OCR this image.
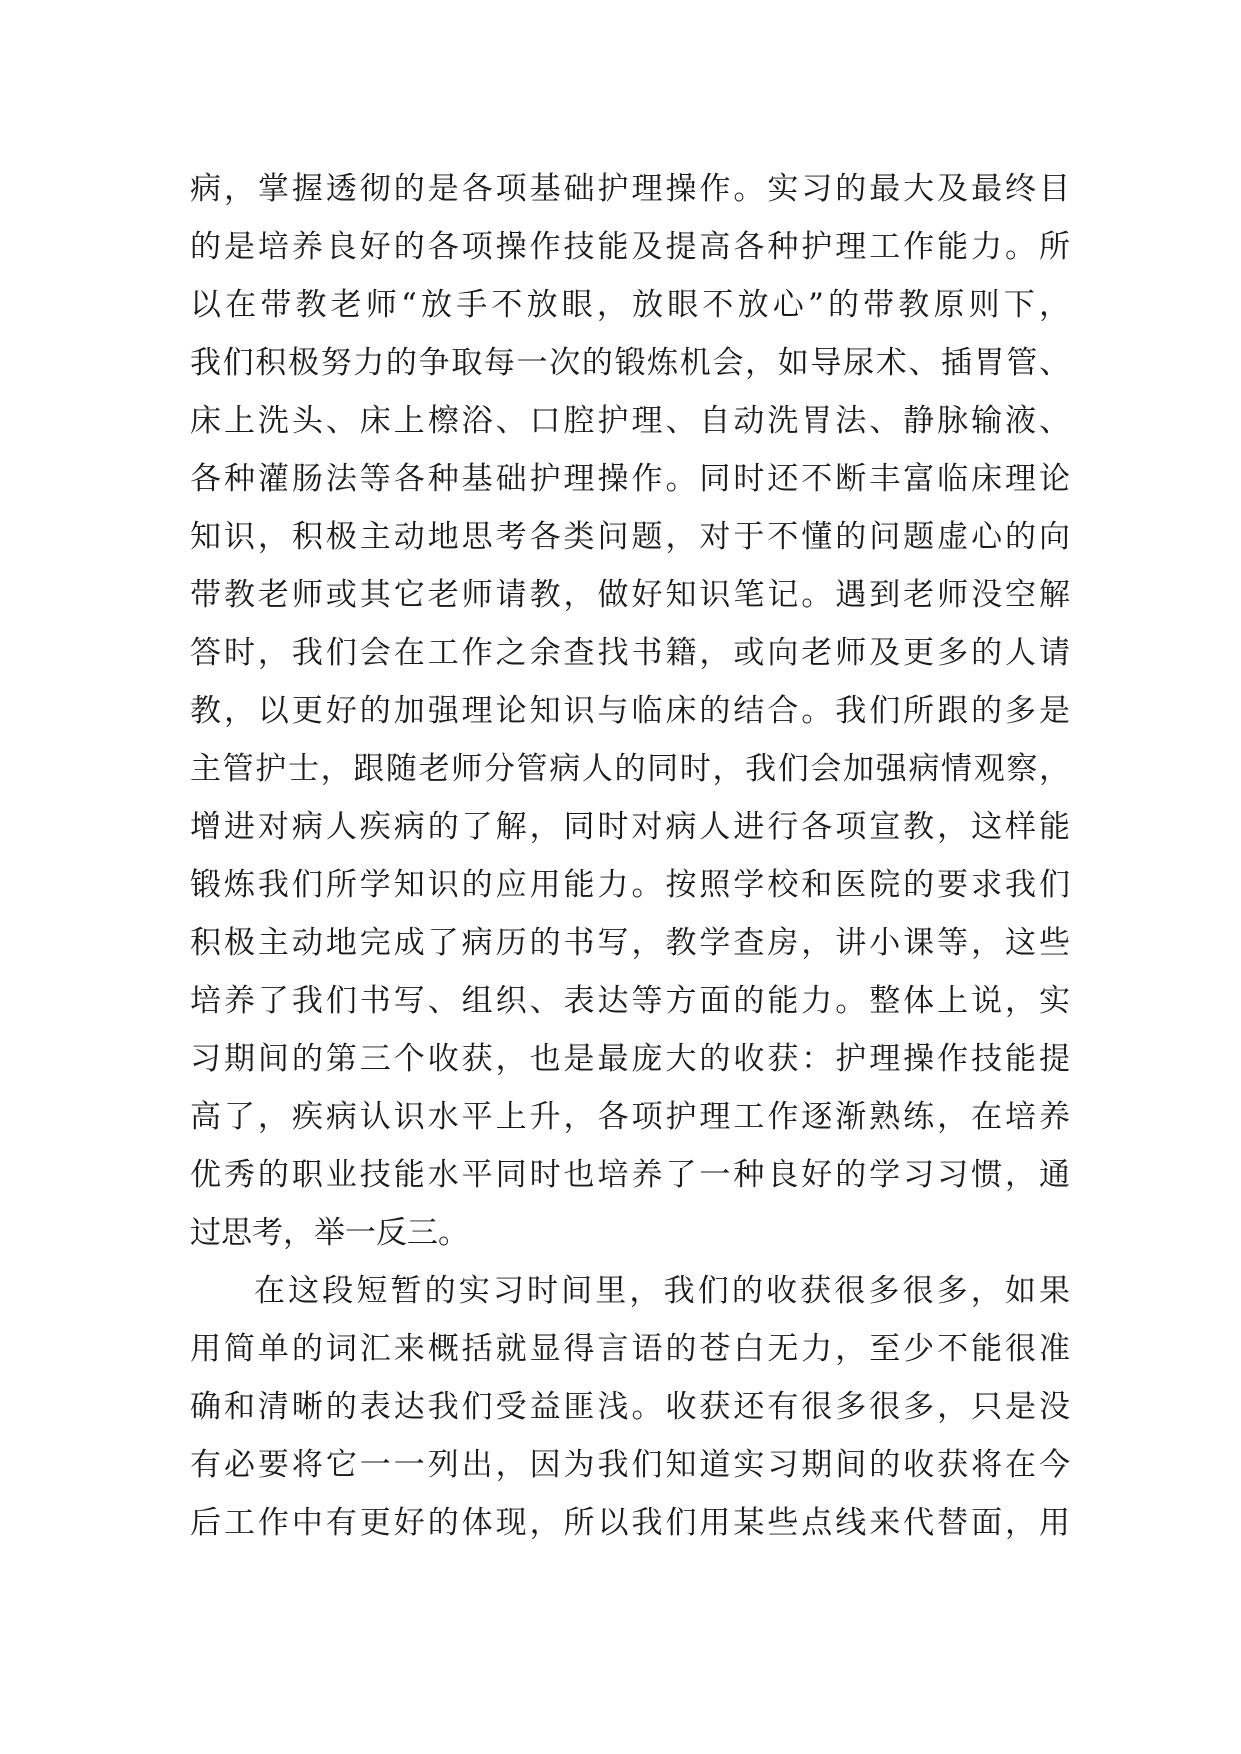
病，掌握透彻的是各项基础护理操作。实习的最大及最终目
的是培养良好的各项操作技能及提高各种护理工作能力。所
以在带教老师“放手不放眼，放眼不放心”的带教原则下，
我们积极努力的争取每一次的锻炼机会，如导尿术、插胃管、
床上洗头、床上檫浴、口腔护理、自动洗胃法、静脉输液、
各种灌肠法等各种基础护理操作。同时还不断丰富临床理论
知识，积极主动地思考各类问题，对于不懂的问题虚心的向
带教老师或其它老师请教，做好知识笔记。遇到老师没空解
答时，我们会在工作之余查找书籍，或向老师及更多的人请
教，以更好的加强理论知识与临床的结合。我们所跟的多是
主管护士，跟随老师分管病人的同时，我们会加强病情观察，
增进对病人疾病的了解，同时对病人进行各项宣教，这样能
锻炼我们所学知识的应用能力。按照学校和医院的要求我们
积极主动地完成了病历的书写，教学查房，讲小课等，这些
培养了我们书写、组织、表达等方面的能力。整体上说，实
习期间的第三个收获，也是最庞大的收获：护理操作技能提
高了，疾病认识水平上升，各项护理工作逐渐熟练，在培养
优秀的职业技能水平同时也培养了一种良好的学习习惯，通
过思考，举一反三。
在这段短暂的实习时间里，我们的收获很多很多，如果
用简单的词汇来概括就显得言语的苍白无力，至少不能很准
确和清晰的表达我们受益匪浅。收获还有很多很多，只是没
有必要将它一一列出，因为我们知道实习期间的收获将在今
后工作中有更好的体现，所以我们用某些点线来代替面，用
